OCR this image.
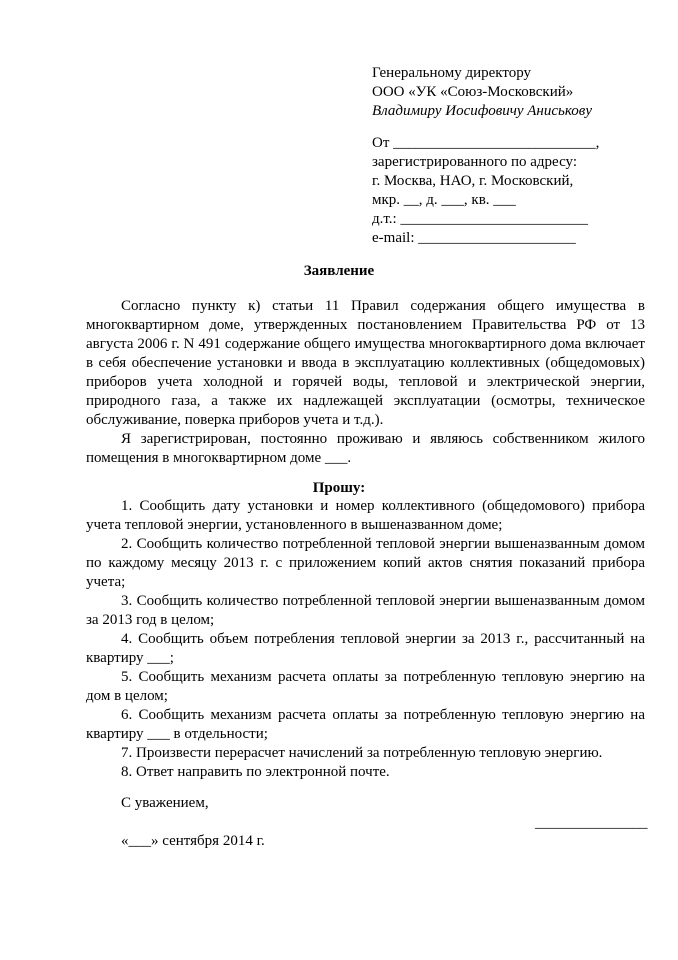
Генеральному директору
ООО «УК «Союз-Московский»
Владимиру Иосифовичу Аниськову
От ___________________________,
зарегистрированного по адресу:
г. Москва, НАО, г. Московский,
мкр. __, д. ___, кв. ___
д.т.: _________________________
e-mail: _____________________
Заявление

Согласно пункту к) статьи 11 Правил содержания общего имущества в многоквартирном доме, утвержденных постановлением Правительства РФ от 13 августа 2006 г. N 491 содержание общего имущества многоквартирного дома включает в себя обеспечение установки и ввода в эксплуатацию коллективных (общедомовых) приборов учета холодной и горячей воды, тепловой и электрической энергии, природного газа, а также их надлежащей эксплуатации (осмотры, техническое обслуживание, поверка приборов учета и т.д.).

Я зарегистрирован, постоянно проживаю и являюсь собственником жилого помещения в многоквартирном доме ___.

Прошу:

1. Сообщить дату установки и номер коллективного (общедомового) прибора учета тепловой энергии, установленного в вышеназванном доме;

2. Сообщить количество потребленной тепловой энергии вышеназванным домом по каждому месяцу 2013 г. с приложением копий актов снятия показаний прибора учета;

3. Сообщить количество потребленной тепловой энергии вышеназванным домом за 2013 год в целом;

4. Сообщить объем потребления тепловой энергии за 2013 г., рассчитанный на квартиру ___;

5. Сообщить механизм расчета оплаты за потребленную тепловую энергию на дом в целом;

6. Сообщить механизм расчета оплаты за потребленную тепловую энергию на квартиру ___ в отдельности;

7. Произвести перерасчет начислений за потребленную тепловую энергию.

8. Ответ направить по электронной почте.

С уважением,
_______________
«___» сентября 2014 г.
